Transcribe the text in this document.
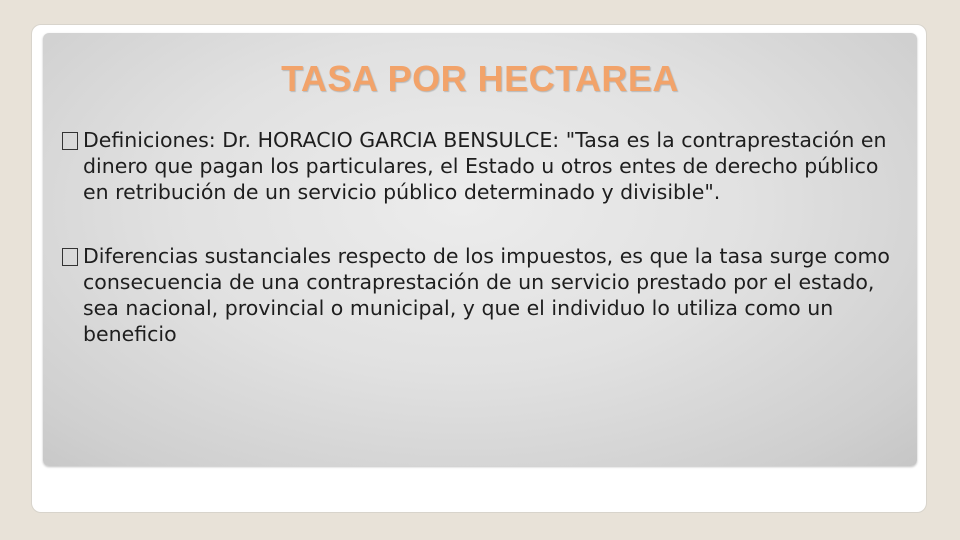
TASA POR HECTAREA
Definiciones: Dr. HORACIO GARCIA BENSULCE: "Tasa es la contraprestación en dinero que pagan los particulares, el Estado u otros entes de derecho público en retribución de un servicio público determinado y divisible".
Diferencias sustanciales respecto de los impuestos, es que la tasa surge como consecuencia de una contraprestación de un servicio prestado por el estado, sea nacional, provincial o municipal, y que el individuo lo utiliza como un beneficio
